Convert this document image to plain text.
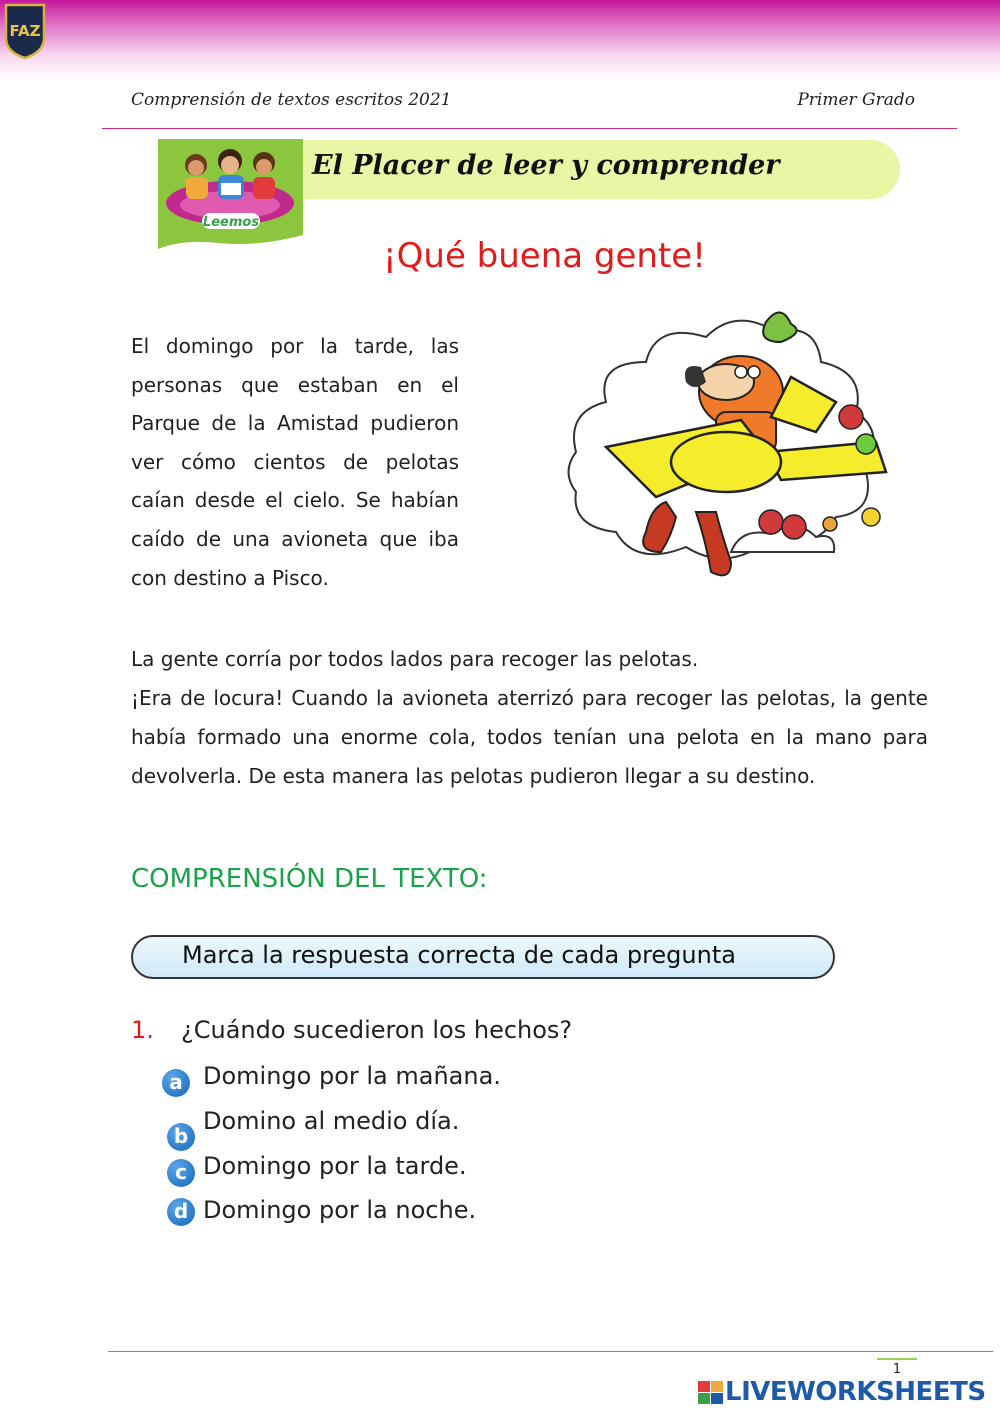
FAZ
Comprensión de textos escritos 2021	Primer Grado
Leemos
El Placer de leer y comprender
¡Qué buena gente!
El domingo por la tarde, las personas que estaban en el Parque de la Amistad pudieron ver cómo cientos de pelotas caían desde el cielo. Se habían caído de una avioneta que iba con destino a Pisco.

La gente corría por todos lados para recoger las pelotas.

¡Era de locura! Cuando la avioneta aterrizó para recoger las pelotas, la gente había formado una enorme cola, todos tenían una pelota en la mano para devolverla. De esta manera las pelotas pudieron llegar a su destino.

COMPRENSIÓN DEL TEXTO:
Marca la respuesta correcta de cada pregunta
1. ¿Cuándo sucedieron los hechos?
a Domingo por la mañana.
b
Domino al medio día.
c Domingo por la tarde.
d Domingo por la noche.
1
LIVEWORKSHEETS
